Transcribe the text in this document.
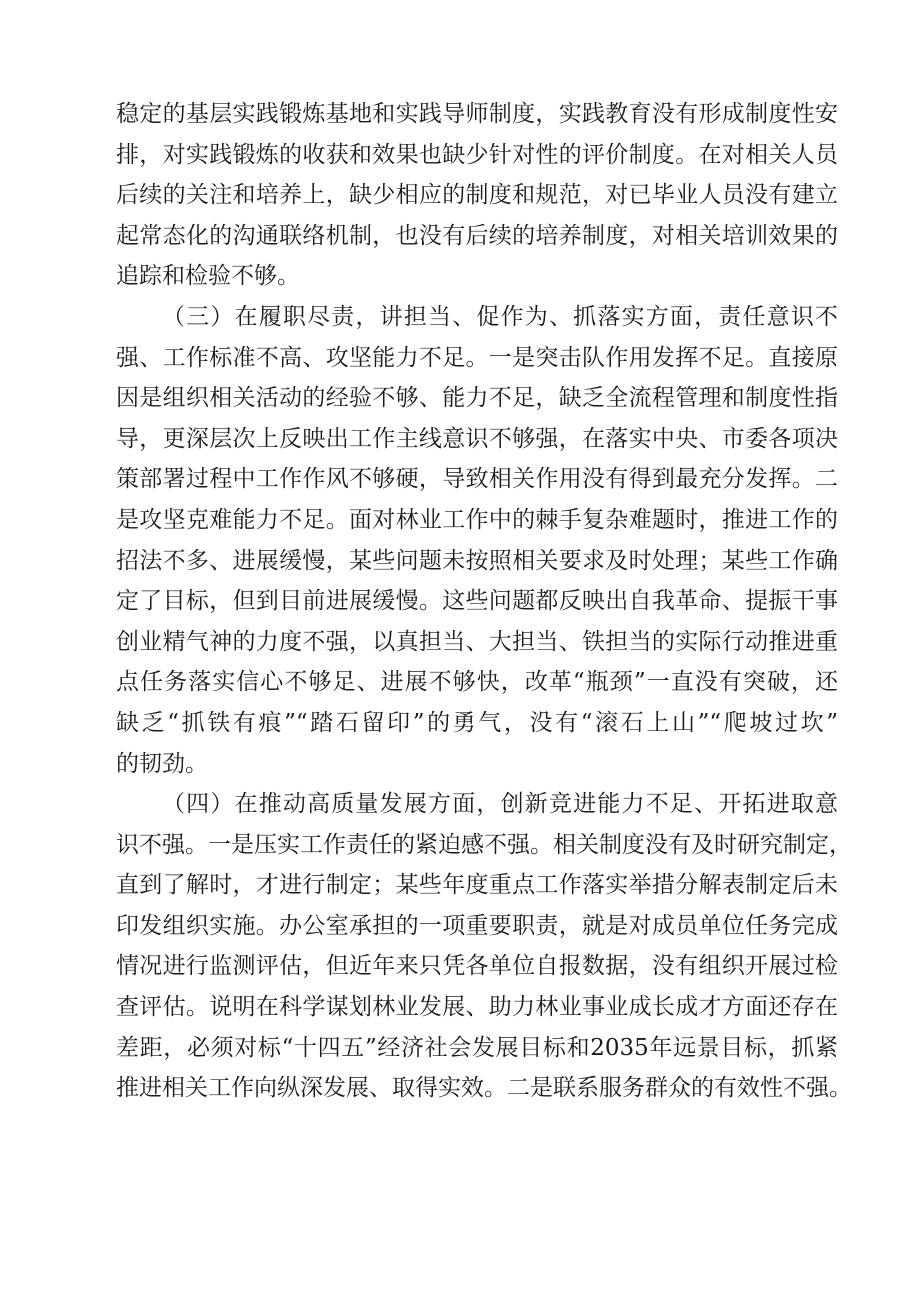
稳定的基层实践锻炼基地和实践导师制度，实践教育没有形成制度性安
排，对实践锻炼的收获和效果也缺少针对性的评价制度。在对相关人员
后续的关注和培养上，缺少相应的制度和规范，对已毕业人员没有建立
起常态化的沟通联络机制，也没有后续的培养制度，对相关培训效果的
追踪和检验不够。
（三）在履职尽责，讲担当、促作为、抓落实方面，责任意识不
强、工作标准不高、攻坚能力不足。一是突击队作用发挥不足。直接原
因是组织相关活动的经验不够、能力不足，缺乏全流程管理和制度性指
导，更深层次上反映出工作主线意识不够强，在落实中央、市委各项决
策部署过程中工作作风不够硬，导致相关作用没有得到最充分发挥。二
是攻坚克难能力不足。面对林业工作中的棘手复杂难题时，推进工作的
招法不多、进展缓慢，某些问题未按照相关要求及时处理；某些工作确
定了目标，但到目前进展缓慢。这些问题都反映出自我革命、提振干事
创业精气神的力度不强，以真担当、大担当、铁担当的实际行动推进重
点任务落实信心不够足、进展不够快，改革“瓶颈”一直没有突破，还
缺乏“抓铁有痕”“踏石留印”的勇气，没有“滚石上山”“爬坡过坎”
的韧劲。
（四）在推动高质量发展方面，创新竞进能力不足、开拓进取意
识不强。一是压实工作责任的紧迫感不强。相关制度没有及时研究制定，
直到了解时，才进行制定；某些年度重点工作落实举措分解表制定后未
印发组织实施。办公室承担的一项重要职责，就是对成员单位任务完成
情况进行监测评估，但近年来只凭各单位自报数据，没有组织开展过检
查评估。说明在科学谋划林业发展、助力林业事业成长成才方面还存在
差距，必须对标“十四五”经济社会发展目标和2035年远景目标，抓紧
推进相关工作向纵深发展、取得实效。二是联系服务群众的有效性不强。
